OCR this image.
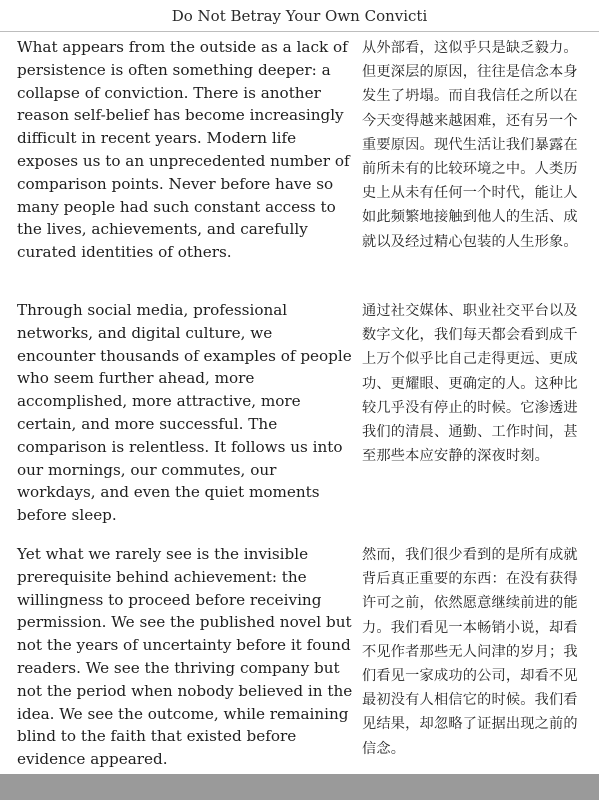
Do Not Betray Your Own Convicti
What appears from the outside as a lack of persistence is often something deeper: a collapse of conviction. There is another reason self-belief has become increasingly difficult in recent years. Modern life exposes us to an unprecedented number of comparison points. Never before have so many people had such constant access to the lives, achievements, and carefully curated identities of others.
从外部看，这似乎只是缺乏毅力。但更深层的原因，往往是信念本身发生了坍塌。而自我信任之所以在今天变得越来越困难，还有另一个重要原因。现代生活让我们暴露在前所未有的比较环境之中。人类历史上从未有任何一个时代，能让人如此频繁地接触到他人的生活、成就以及经过精心包装的人生形象。
Through social media, professional networks, and digital culture, we encounter thousands of examples of people who seem further ahead, more accomplished, more attractive, more certain, and more successful. The comparison is relentless. It follows us into our mornings, our commutes, our workdays, and even the quiet moments before sleep.
通过社交媒体、职业社交平台以及数字文化，我们每天都会看到成千上万个似乎比自己走得更远、更成功、更耀眼、更确定的人。这种比较几乎没有停止的时候。它渗透进我们的清晨、通勤、工作时间，甚至那些本应安静的深夜时刻。
Yet what we rarely see is the invisible prerequisite behind achievement: the willingness to proceed before receiving permission. We see the published novel but not the years of uncertainty before it found readers. We see the thriving company but not the period when nobody believed in the idea. We see the outcome, while remaining blind to the faith that existed before evidence appeared.
然而，我们很少看到的是所有成就背后真正重要的东西：在没有获得许可之前，依然愿意继续前进的能力。我们看见一本畅销小说，却看不见作者那些无人问津的岁月；我们看见一家成功的公司，却看不见最初没有人相信它的时候。我们看见结果，却忽略了证据出现之前的信念。
